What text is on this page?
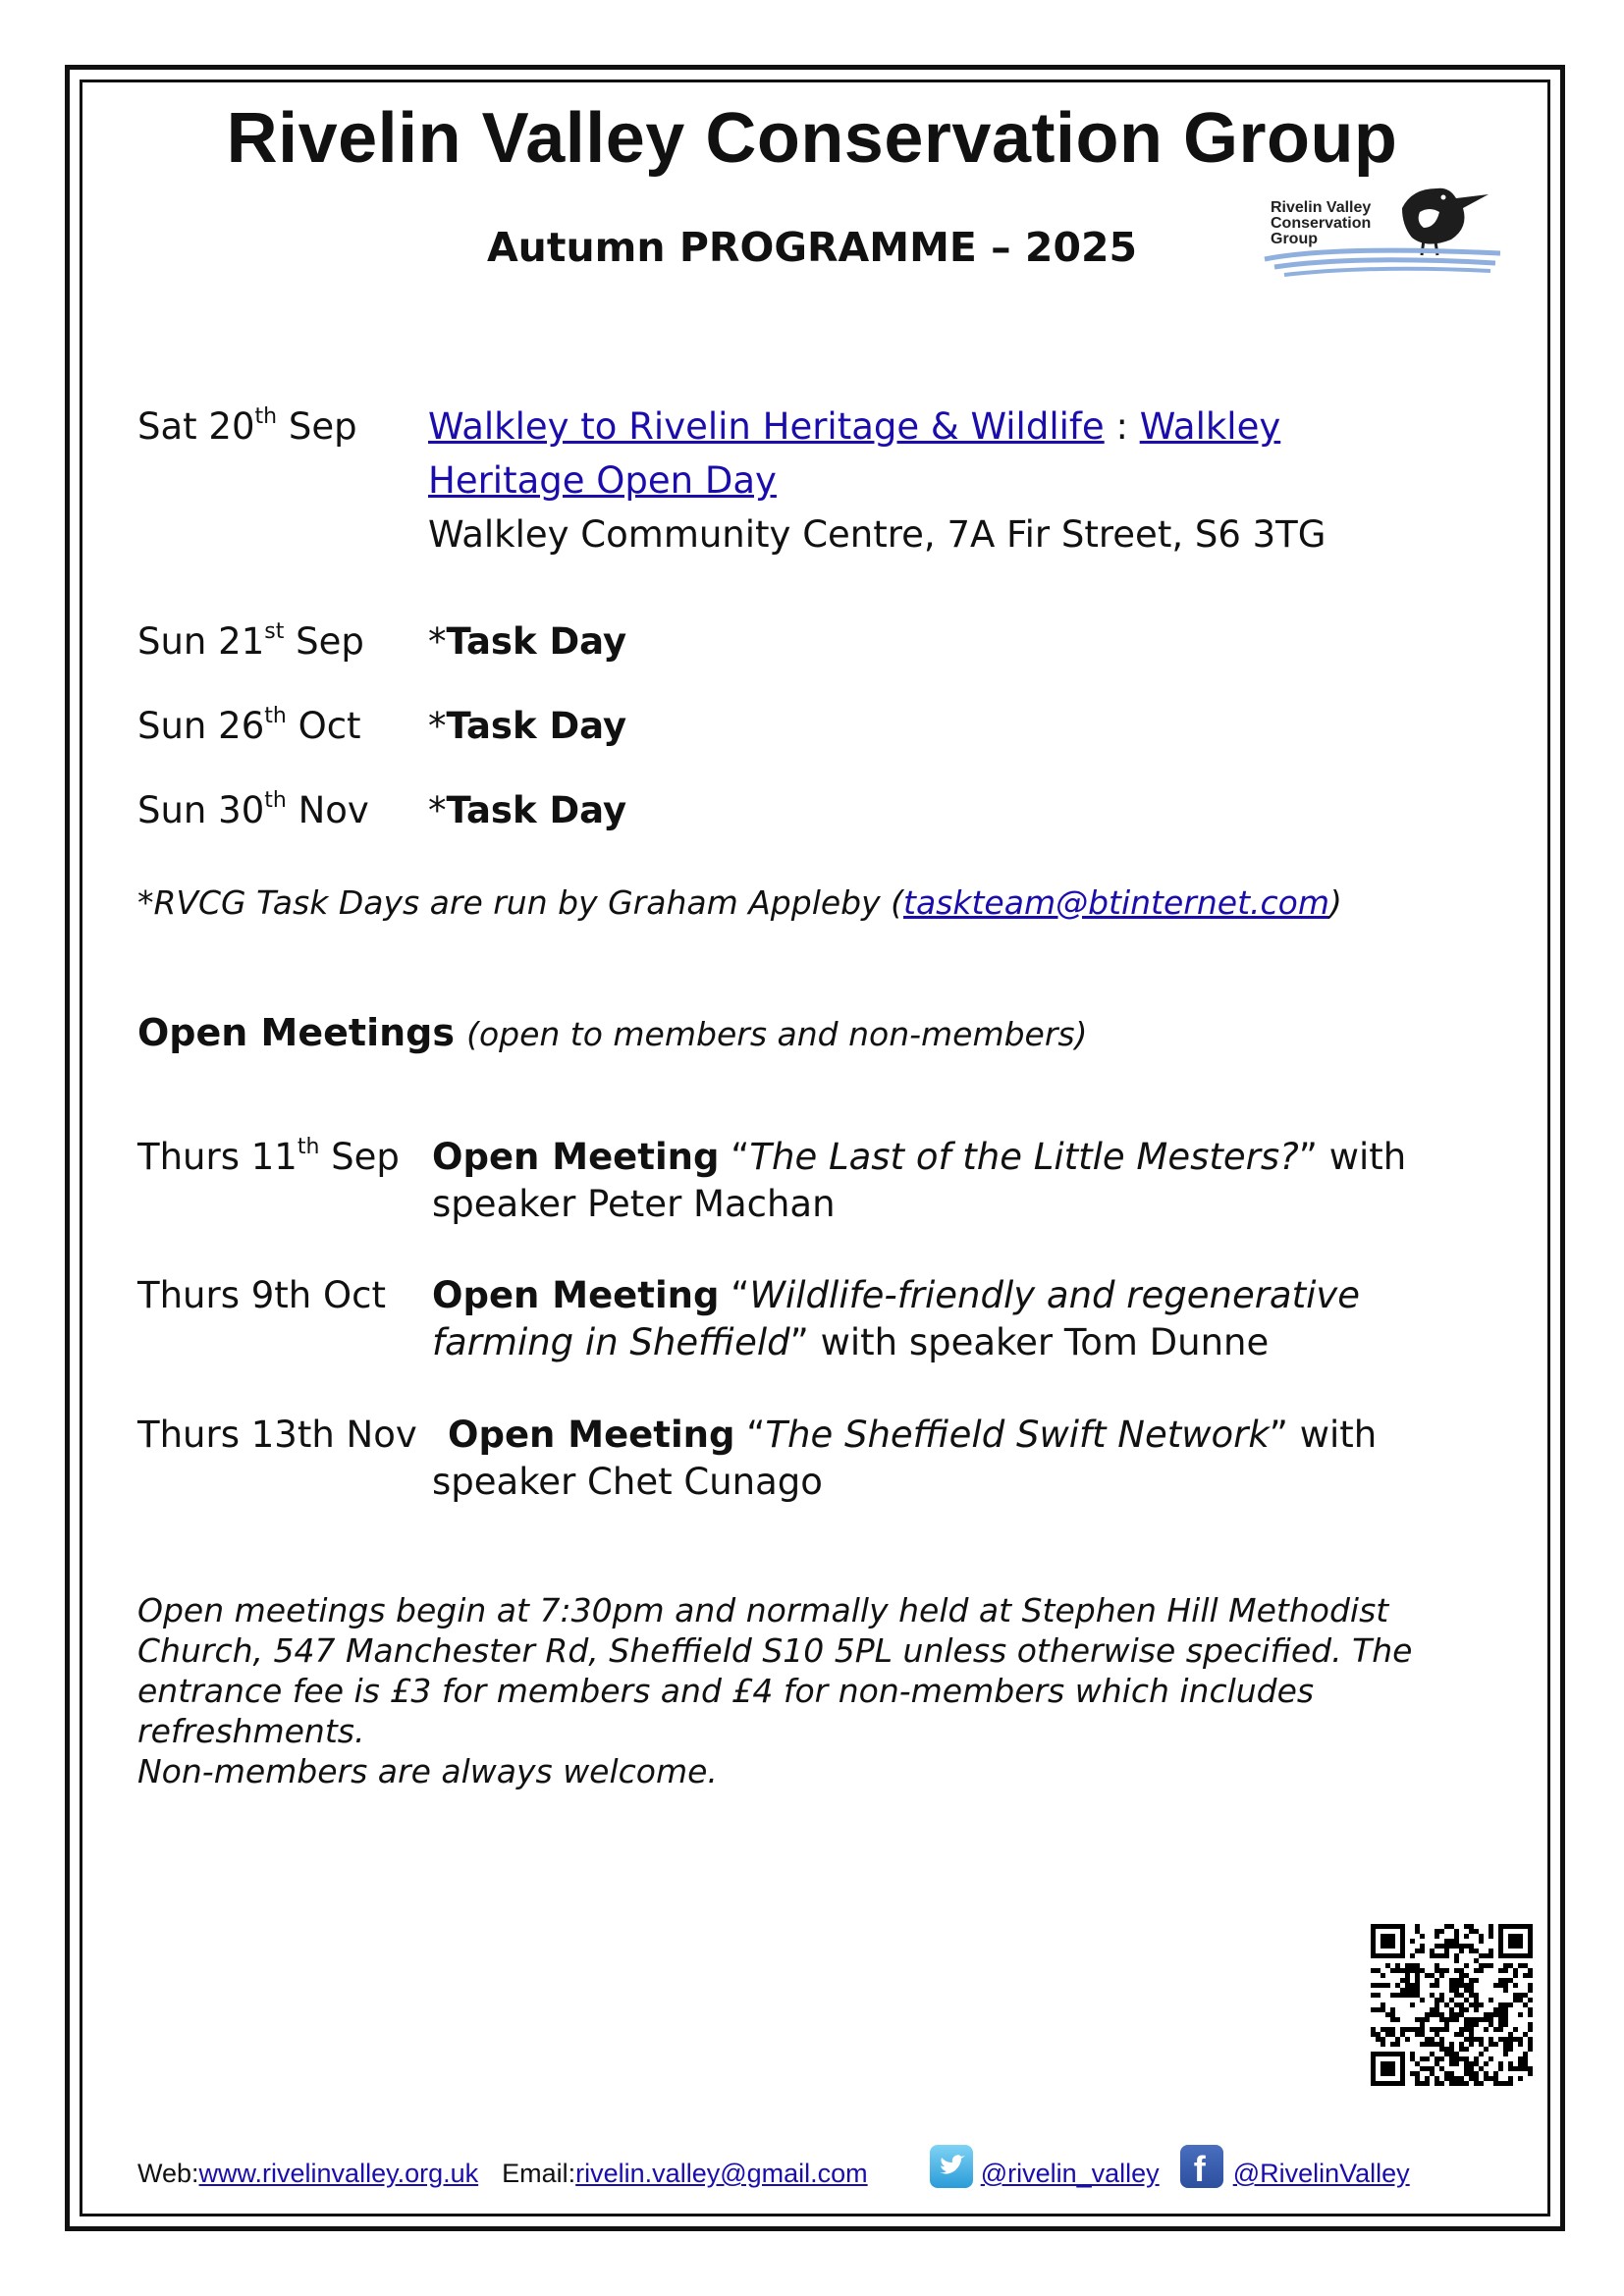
Rivelin Valley Conservation Group
Autumn PROGRAMME – 2025
Rivelin Valley
Conservation
Group
Sat 20th Sep Walkley to Rivelin Heritage & Wildlife : Walkley
Heritage Open Day
Walkley Community Centre, 7A Fir Street, S6 3TG
Sun 21st Sep *Task Day
Sun 26th Oct *Task Day
Sun 30th Nov *Task Day
*RVCG Task Days are run by Graham Appleby (taskteam@btinternet.com)
Open Meetings (open to members and non-members)
Thurs 11th Sep Open Meeting “The Last of the Little Mesters?” with
speaker Peter Machan
Thurs 9th Oct Open Meeting “Wildlife-friendly and regenerative
farming in Sheffield” with speaker Tom Dunne
Thurs 13th Nov Open Meeting “The Sheffield Swift Network” with
speaker Chet Cunago
Open meetings begin at 7:30pm and normally held at Stephen Hill Methodist
Church, 547 Manchester Rd, Sheffield S10 5PL unless otherwise specified. The
entrance fee is £3 for members and £4 for non-members which includes
refreshments.
Non-members are always welcome.
Web:www.rivelinvalley.org.uk Email:rivelin.valley@gmail.com	@rivelin_valley f @RivelinValley
